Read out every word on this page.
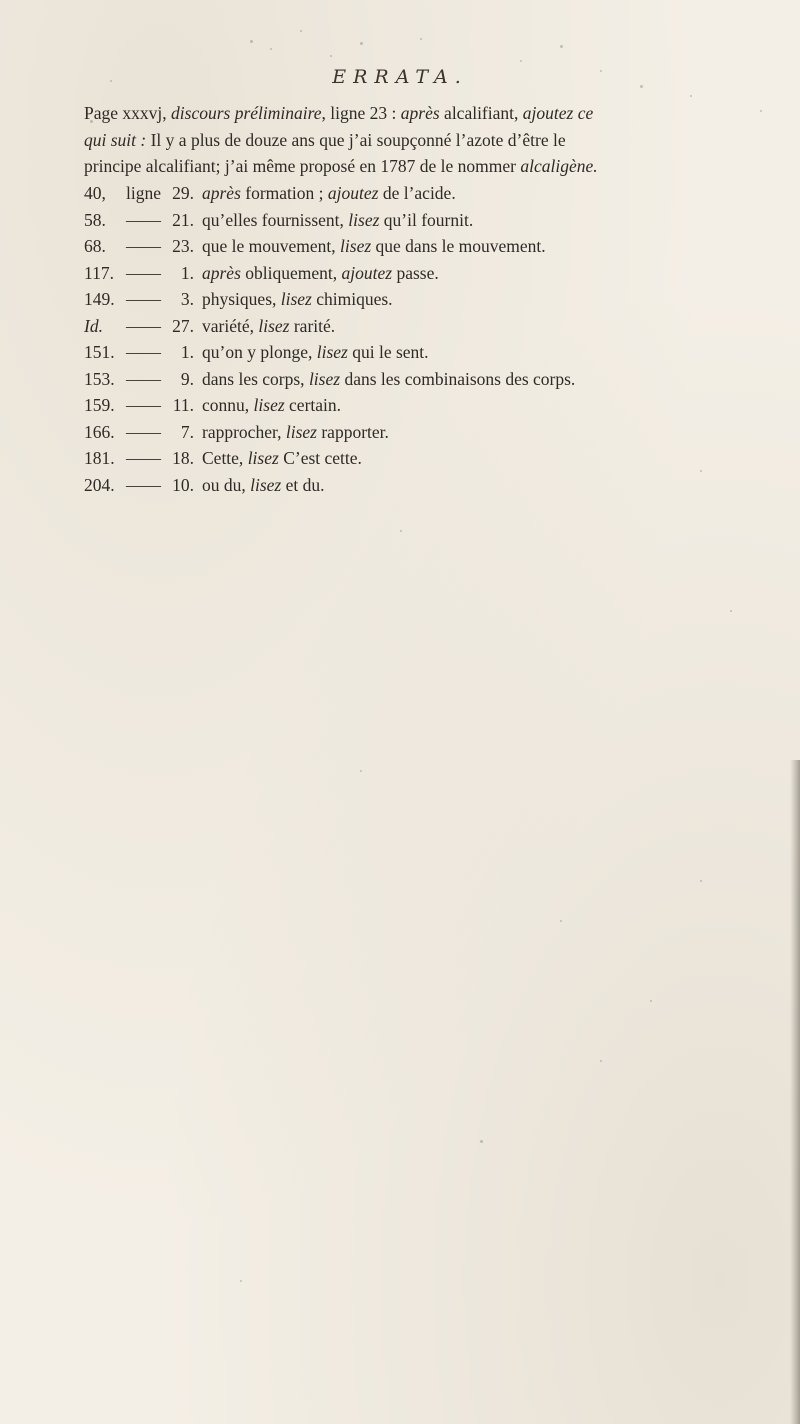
ERRATA.

Page xxxvj, discours préliminaire, ligne 23 : après alcalifiant, ajoutez ce

qui suit : Il y a plus de douze ans que j’ai soupçonné l’azote d’être le

principe alcalifiant; j’ai même proposé en 1787 de le nommer alcaligène.

40,	ligne 29. après formation ; ajoutez de l’acide.
58.	—— 21. qu’elles fournissent, lisez qu’il fournit.
68.	—— 23. que le mouvement, lisez que dans le mouvement.
117. ——	1. après obliquement, ajoutez passe.
149. ——	3. physiques, lisez chimiques.
Id.	—— 27. variété, lisez rarité.
151. ——	1. qu’on y plonge, lisez qui le sent.
153. ——	9. dans les corps, lisez dans les combinaisons des corps.
159. —— 11. connu, lisez certain.
166. ——	7. rapprocher, lisez rapporter.
181. —— 18. Cette, lisez C’est cette.
204. —— 10. ou du, lisez et du.
